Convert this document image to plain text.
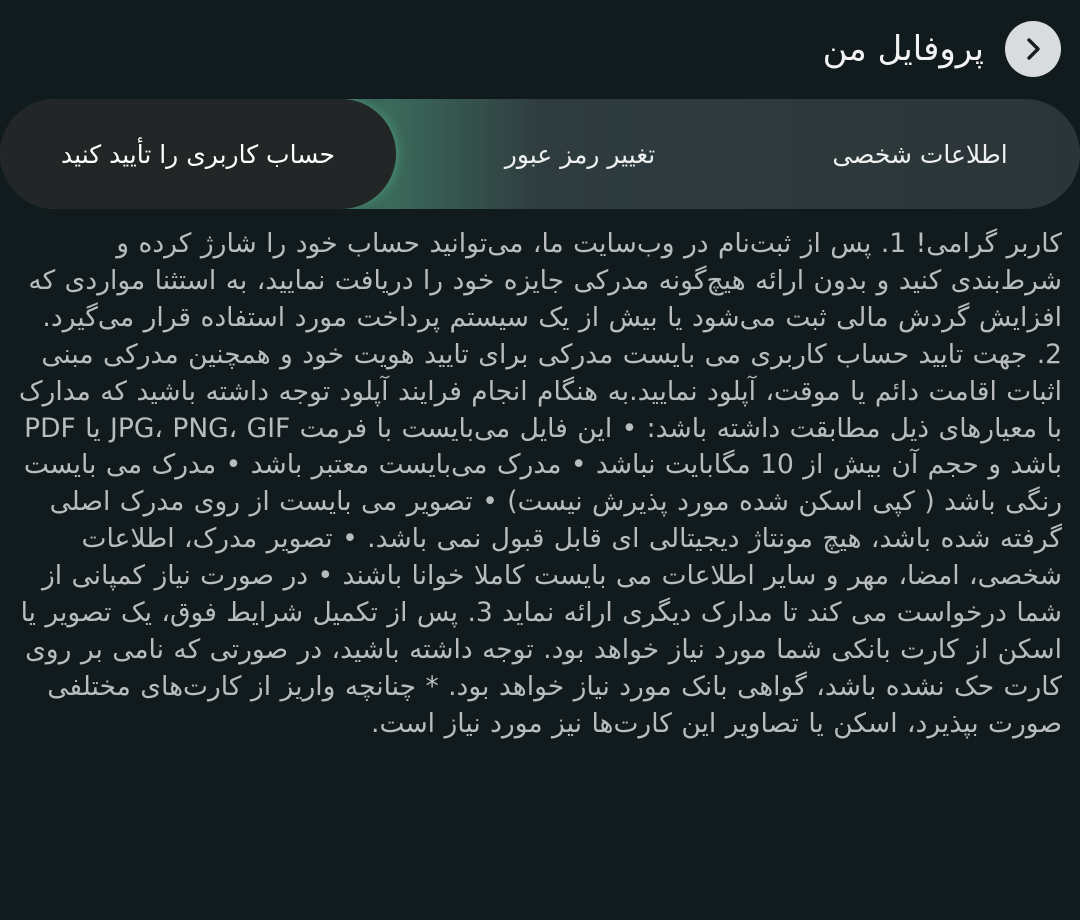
پروفایل من
اطلاعات شخصی
تغییر رمز عبور
حساب کاربری را تأیید کنید
کاربر گرامی! 1. پس از ثبت‌نام در وب‌سایت ما، می‌توانید حساب خود را شارژ کرده و شرط‌بندی کنید و بدون ارائه هیچ‌گونه مدرکی جایزه خود را دریافت نمایید، به استثنا مواردی که افزایش گردش مالی ثبت می‌شود یا بیش از یک سیستم پرداخت مورد استفاده قرار می‌گیرد. 2. جهت تایید حساب کاربری می بایست مدرکی برای تایید هویت خود و همچنین مدرکی مبنی اثبات اقامت دائم یا موقت، آپلود نمایید.به هنگام انجام فرایند آپلود توجه داشته باشید که مدارک با معیارهای ذیل مطابقت داشته باشد: • این فایل می‌بایست با فرمت JPG، PNG، GIF یا PDF باشد و حجم آن بیش از 10 مگابایت نباشد • مدرک می‌بایست معتبر باشد • مدرک می بایست رنگی باشد ( کپی اسکن شده مورد پذیرش نیست) • تصویر می بایست از روی مدرک اصلی گرفته شده باشد، هیچ مونتاژ دیجیتالی ای قابل قبول نمی باشد. • تصویر مدرک، اطلاعات شخصی، امضا، مهر و سایر اطلاعات می بایست کاملا خوانا باشند • در صورت نیاز کمپانی از شما درخواست می کند تا مدارک دیگری ارائه نماید 3. پس از تکمیل شرایط فوق، یک تصویر یا اسکن از کارت بانکی شما مورد نیاز خواهد بود. توجه داشته باشید، در صورتی که نامی بر روی کارت حک نشده باشد، گواهی بانک مورد نیاز خواهد بود. * چنانچه واریز از کارت‌های مختلفی صورت بپذیرد، اسکن یا تصاویر این کارت‌ها نیز مورد نیاز است.
